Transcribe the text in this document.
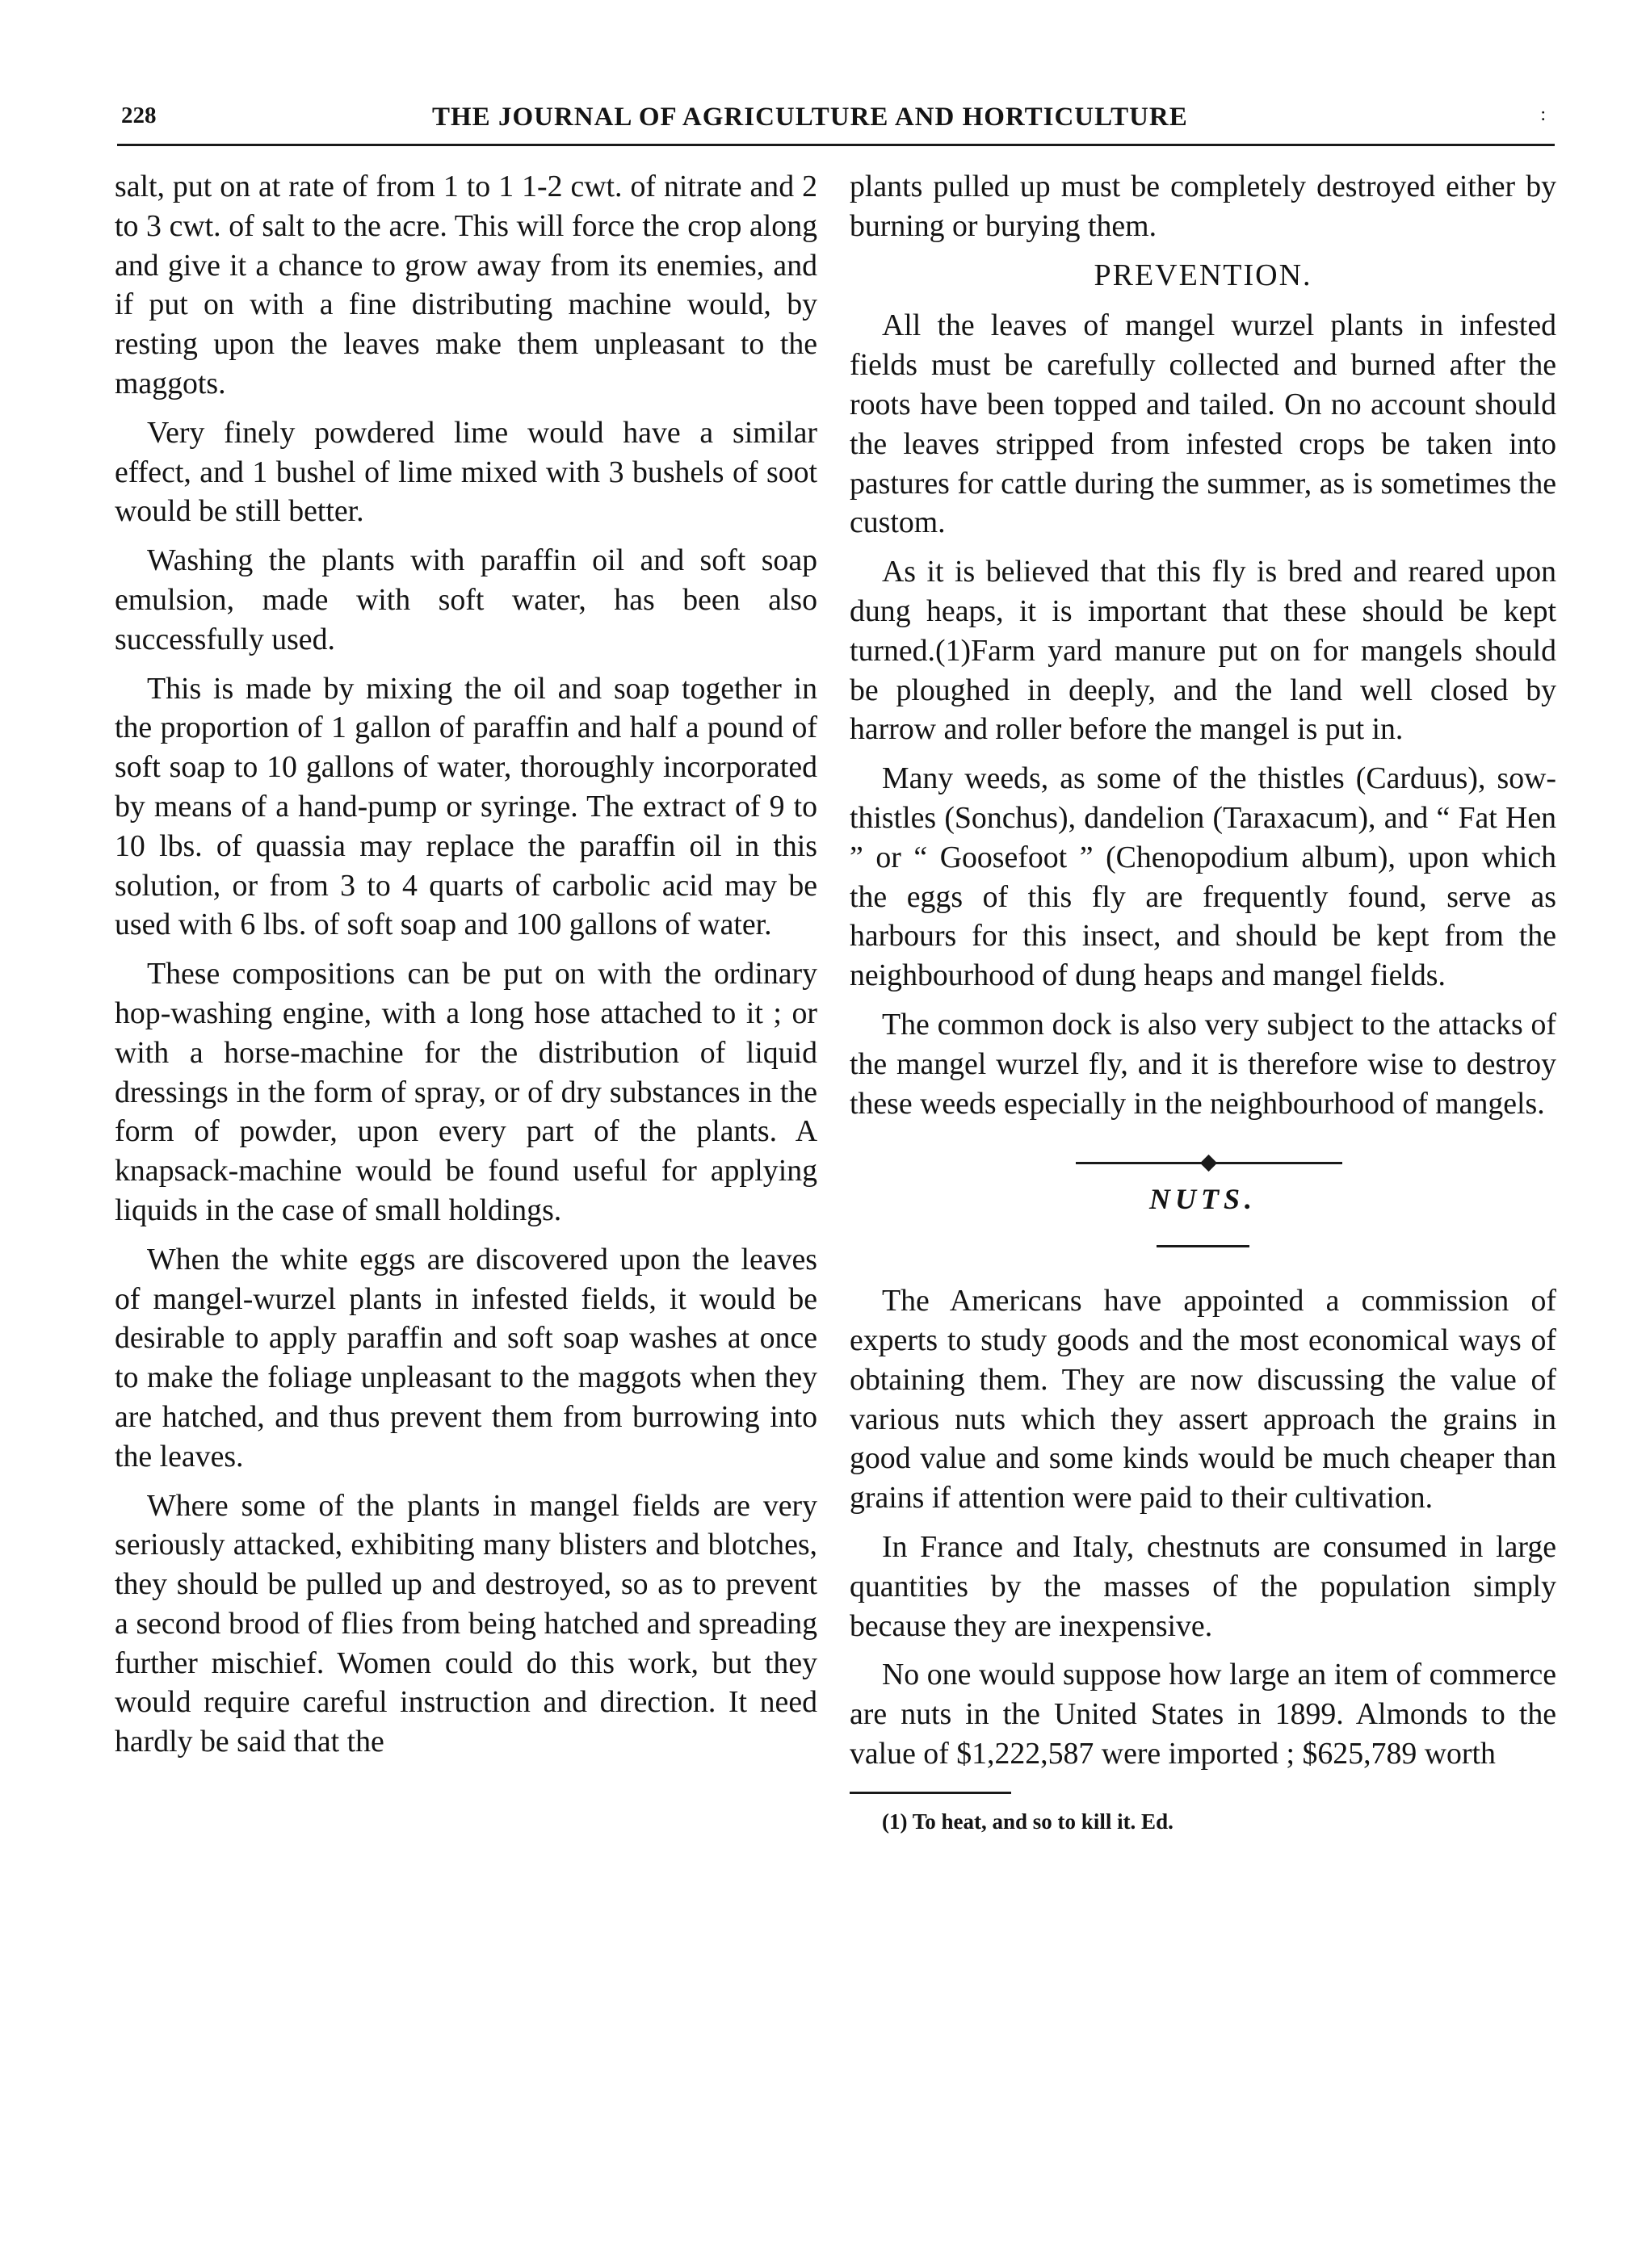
228	THE JOURNAL OF AGRICULTURE AND HORTICULTURE	:

salt, put on at rate of from 1 to 1 1-2 cwt. of nitrate and 2 to 3 cwt. of salt to the acre. This will force the crop along and give it a chance to grow away from its enemies, and if put on with a fine distributing machine would, by resting upon the leaves make them unpleasant to the maggots.

Very finely powdered lime would have a similar effect, and 1 bushel of lime mixed with 3 bushels of soot would be still better.

Washing the plants with paraffin oil and soft soap emulsion, made with soft water, has been also successfully used.

This is made by mixing the oil and soap together in the proportion of 1 gallon of paraffin and half a pound of soft soap to 10 gallons of water, thoroughly incorporated by means of a hand-pump or syringe. The extract of 9 to 10 lbs. of quassia may replace the paraffin oil in this solution, or from 3 to 4 quarts of carbolic acid may be used with 6 lbs. of soft soap and 100 gallons of water.

These compositions can be put on with the ordinary hop-washing engine, with a long hose attached to it ; or with a horse-machine for the distribution of liquid dressings in the form of spray, or of dry substances in the form of powder, upon every part of the plants. A knapsack-machine would be found useful for applying liquids in the case of small holdings.

When the white eggs are discovered upon the leaves of mangel-wurzel plants in infested fields, it would be desirable to apply paraffin and soft soap washes at once to make the foliage unpleasant to the maggots when they are hatched, and thus prevent them from burrowing into the leaves.

Where some of the plants in mangel fields are very seriously attacked, exhibiting many blisters and blotches, they should be pulled up and destroyed, so as to prevent a second brood of flies from being hatched and spreading further mischief. Women could do this work, but they would require careful instruction and direction. It need hardly be said that the

plants pulled up must be completely destroyed either by burning or burying them.

PREVENTION.

All the leaves of mangel wurzel plants in infested fields must be carefully collected and burned after the roots have been topped and tailed. On no account should the leaves stripped from infested crops be taken into pastures for cattle during the summer, as is sometimes the custom.

As it is believed that this fly is bred and reared upon dung heaps, it is important that these should be kept turned.(1)Farm yard manure put on for mangels should be ploughed in deeply, and the land well closed by harrow and roller before the mangel is put in.

Many weeds, as some of the thistles (Carduus), sow-thistles (Sonchus), dandelion (Taraxacum), and “ Fat Hen ” or “ Goosefoot ” (Chenopodium album), upon which the eggs of this fly are frequently found, serve as harbours for this insect, and should be kept from the neighbourhood of dung heaps and mangel fields.

The common dock is also very subject to the attacks of the mangel wurzel fly, and it is therefore wise to destroy these weeds especially in the neighbourhood of mangels.

NUTS.

The Americans have appointed a commission of experts to study goods and the most economical ways of obtaining them. They are now discussing the value of various nuts which they assert approach the grains in good value and some kinds would be much cheaper than grains if attention were paid to their cultivation.

In France and Italy, chestnuts are consumed in large quantities by the masses of the population simply because they are inexpensive.

No one would suppose how large an item of commerce are nuts in the United States in 1899. Almonds to the value of $1,222,587 were imported ; $625,789 worth

(1) To heat, and so to kill it. Ed.
